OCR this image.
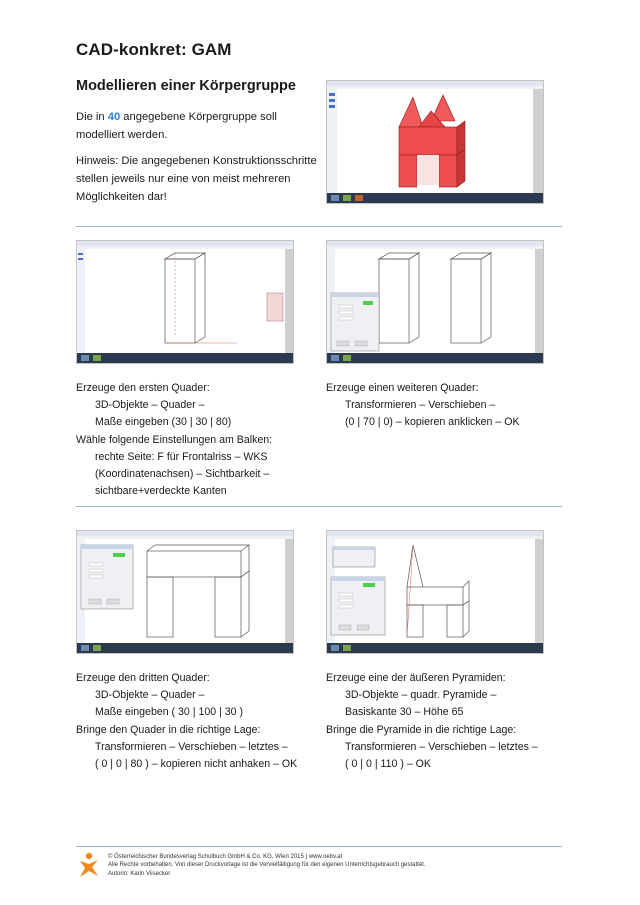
CAD-konkret: GAM
Modellieren einer Körpergruppe
Die in 40 angegebene Körpergruppe soll
modelliert werden.
Hinweis: Die angegebenen Konstruktionsschritte
stellen jeweils nur eine von meist mehreren
Möglichkeiten dar!
Erzeuge den ersten Quader:
3D-Objekte – Quader –
Maße eingeben (30 | 30 | 80)
Wähle folgende Einstellungen am Balken:
rechte Seite: F für Frontalriss – WKS
(Koordinatenachsen) – Sichtbarkeit –
sichtbare+verdeckte Kanten
Erzeuge einen weiteren Quader:
Transformieren – Verschieben –
(0 | 70 | 0) – kopieren anklicken – OK
Erzeuge den dritten Quader:
3D-Objekte – Quader –
Maße eingeben ( 30 | 100 | 30 )
Bringe den Quader in die richtige Lage:
Transformieren – Verschieben – letztes –
( 0 | 0 | 80 ) – kopieren nicht anhaken – OK
Erzeuge eine der äußeren Pyramiden:
3D-Objekte – quadr. Pyramide –
Basiskante 30 – Höhe 65
Bringe die Pyramide in die richtige Lage:
Transformieren – Verschieben – letztes –
( 0 | 0 | 110 ) – OK
© Österreichischer Bundesverlag Schulbuch GmbH & Co. KG, Wien 2015 | www.oebv.at
Alle Rechte vorbehalten. Von dieser Druckvorlage ist die Vervielfältigung für den eigenen Unterrichtsgebrauch gestattet.
Autorin: Karin Viisecker
